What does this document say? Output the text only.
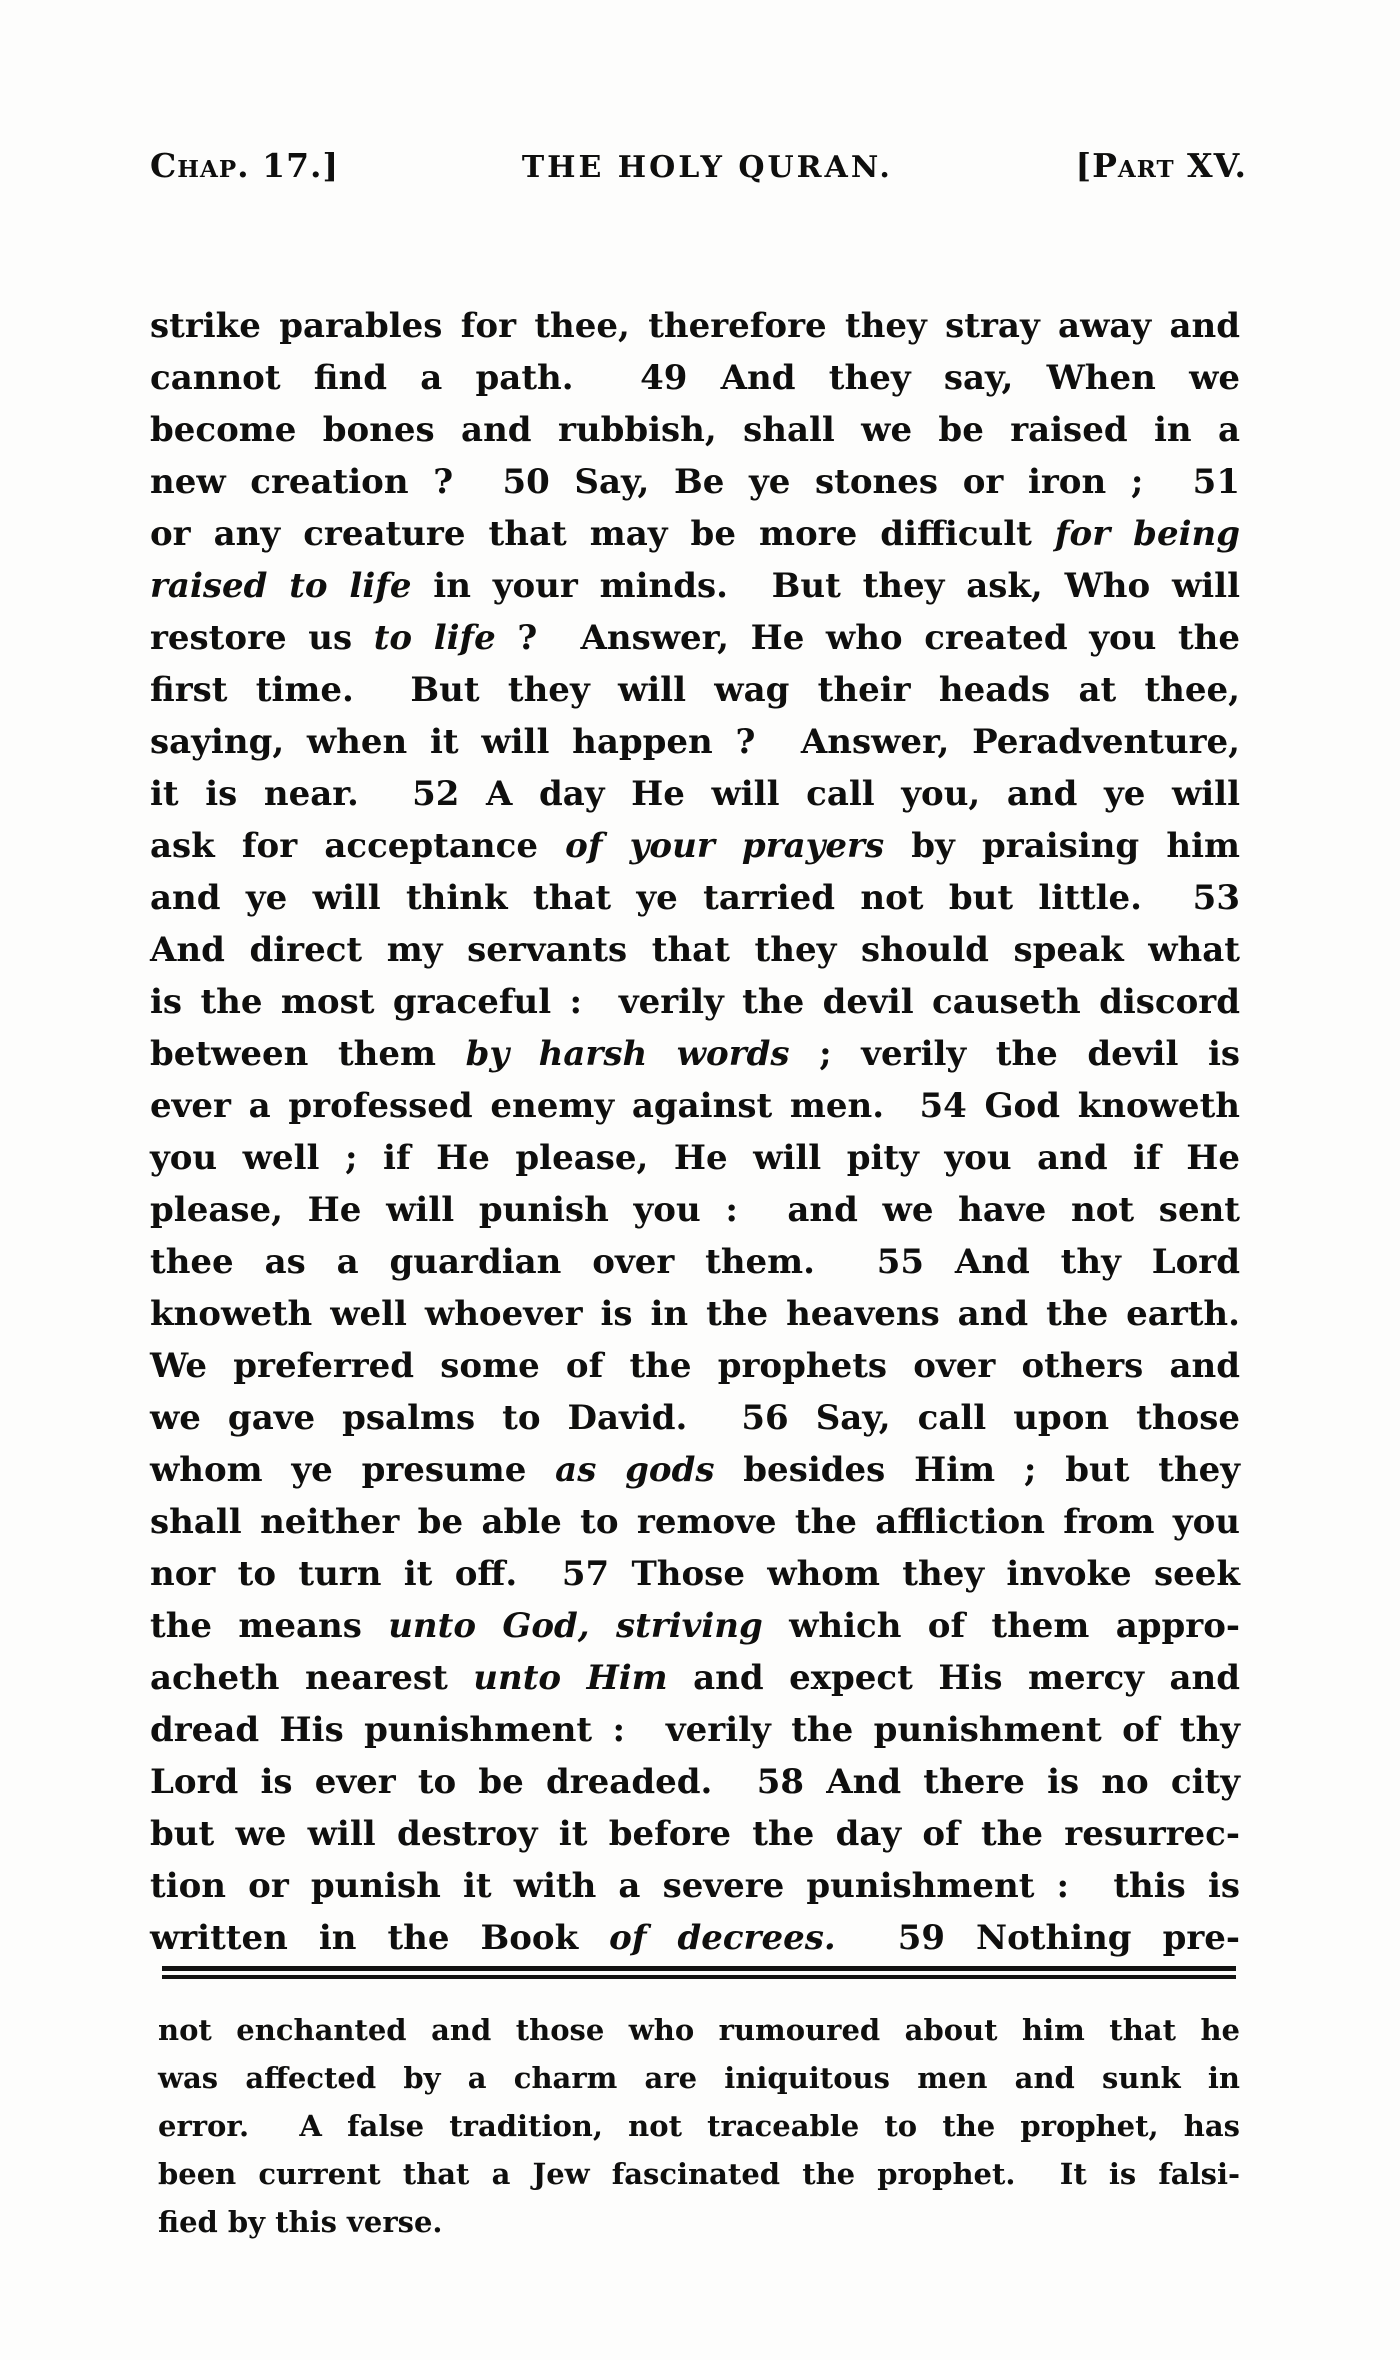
Chap. 17.]	THE HOLY QURAN.	[Part XV.
strike parables for thee, therefore they stray away and
cannot find a path.  49 And they say, When we
become bones and rubbish, shall we be raised in a
new creation ?  50 Say, Be ye stones or iron ;  51
or any creature that may be more difficult for being
raised to life in your minds.  But they ask, Who will
restore us to life ?  Answer, He who created you the
first time.  But they will wag their heads at thee,
saying, when it will happen ?  Answer, Peradventure,
it is near.  52 A day He will call you, and ye will
ask for acceptance of your prayers by praising him
and ye will think that ye tarried not but little.  53
And direct my servants that they should speak what
is the most graceful :  verily the devil causeth discord
between them by harsh words ; verily the devil is
ever a professed enemy against men.  54 God knoweth
you well ; if He please, He will pity you and if He
please, He will punish you :  and we have not sent
thee as a guardian over them.  55 And thy Lord
knoweth well whoever is in the heavens and the earth.
We preferred some of the prophets over others and
we gave psalms to David.  56 Say, call upon those
whom ye presume as gods besides Him ; but they
shall neither be able to remove the affliction from you
nor to turn it off.  57 Those whom they invoke seek
the means unto God, striving which of them appro-
acheth nearest unto Him and expect His mercy and
dread His punishment :  verily the punishment of thy
Lord is ever to be dreaded.  58 And there is no city
but we will destroy it before the day of the resurrec-
tion or punish it with a severe punishment :  this is
written in the Book of decrees.  59 Nothing pre-
not enchanted and those who rumoured about him that he
was affected by a charm are iniquitous men and sunk in
error.  A false tradition, not traceable to the prophet, has
been current that a Jew fascinated the prophet.  It is falsi-
fied by this verse.
